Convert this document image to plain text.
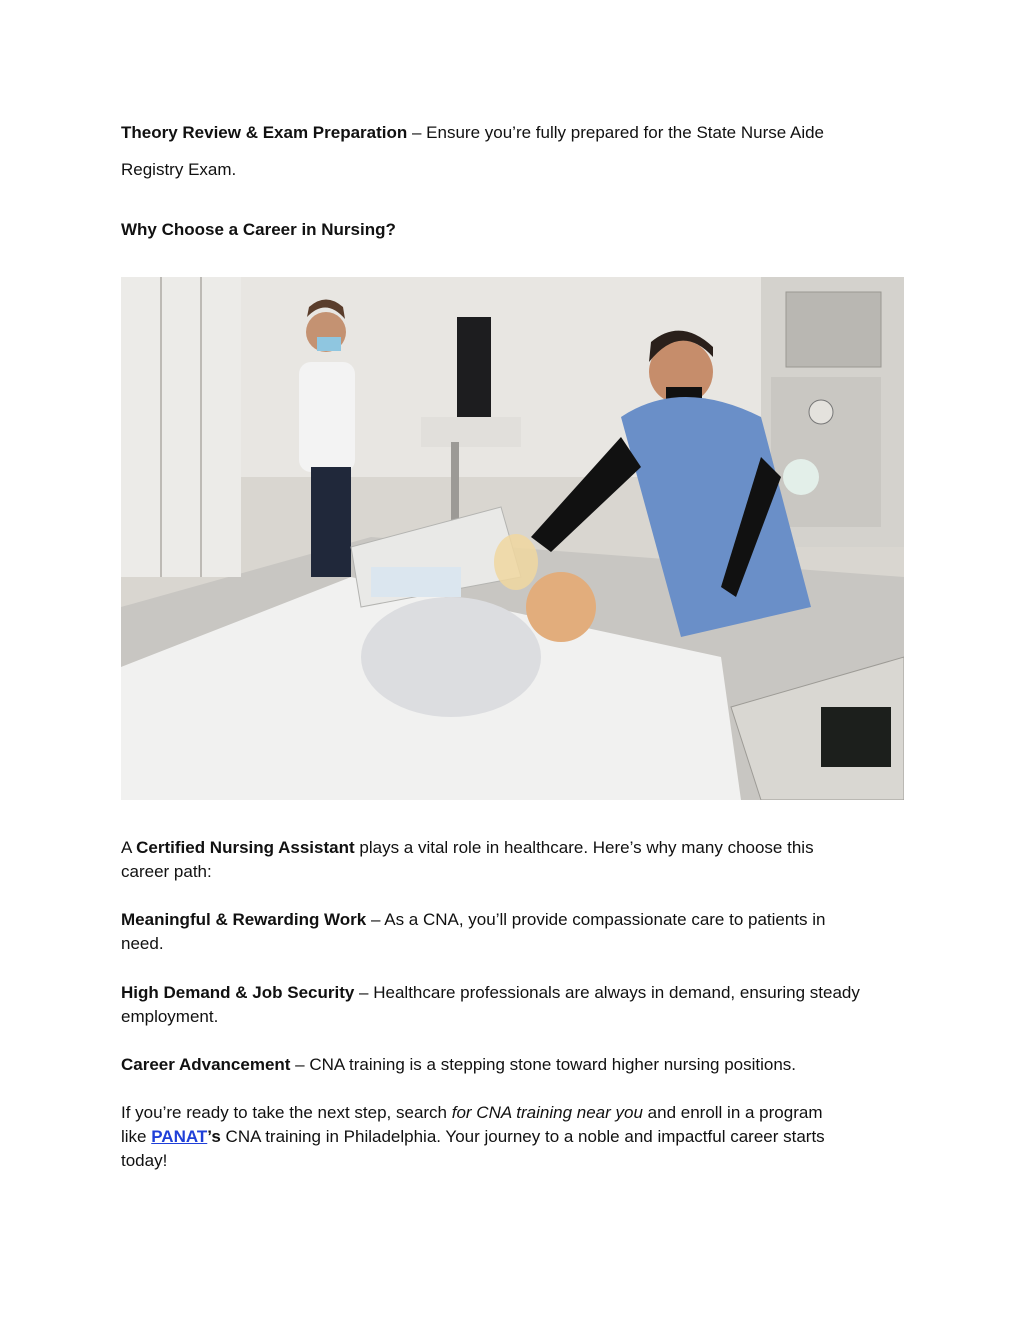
Theory Review & Exam Preparation – Ensure you’re fully prepared for the State Nurse Aide

Registry Exam.

Why Choose a Career in Nursing?

A Certified Nursing Assistant plays a vital role in healthcare. Here’s why many choose this

career path:

Meaningful & Rewarding Work – As a CNA, you’ll provide compassionate care to patients in

need.

High Demand & Job Security – Healthcare professionals are always in demand, ensuring steady

employment.

Career Advancement – CNA training is a stepping stone toward higher nursing positions.

If you’re ready to take the next step, search for CNA training near you and enroll in a program

like PANAT’s CNA training in Philadelphia. Your journey to a noble and impactful career starts

today!
